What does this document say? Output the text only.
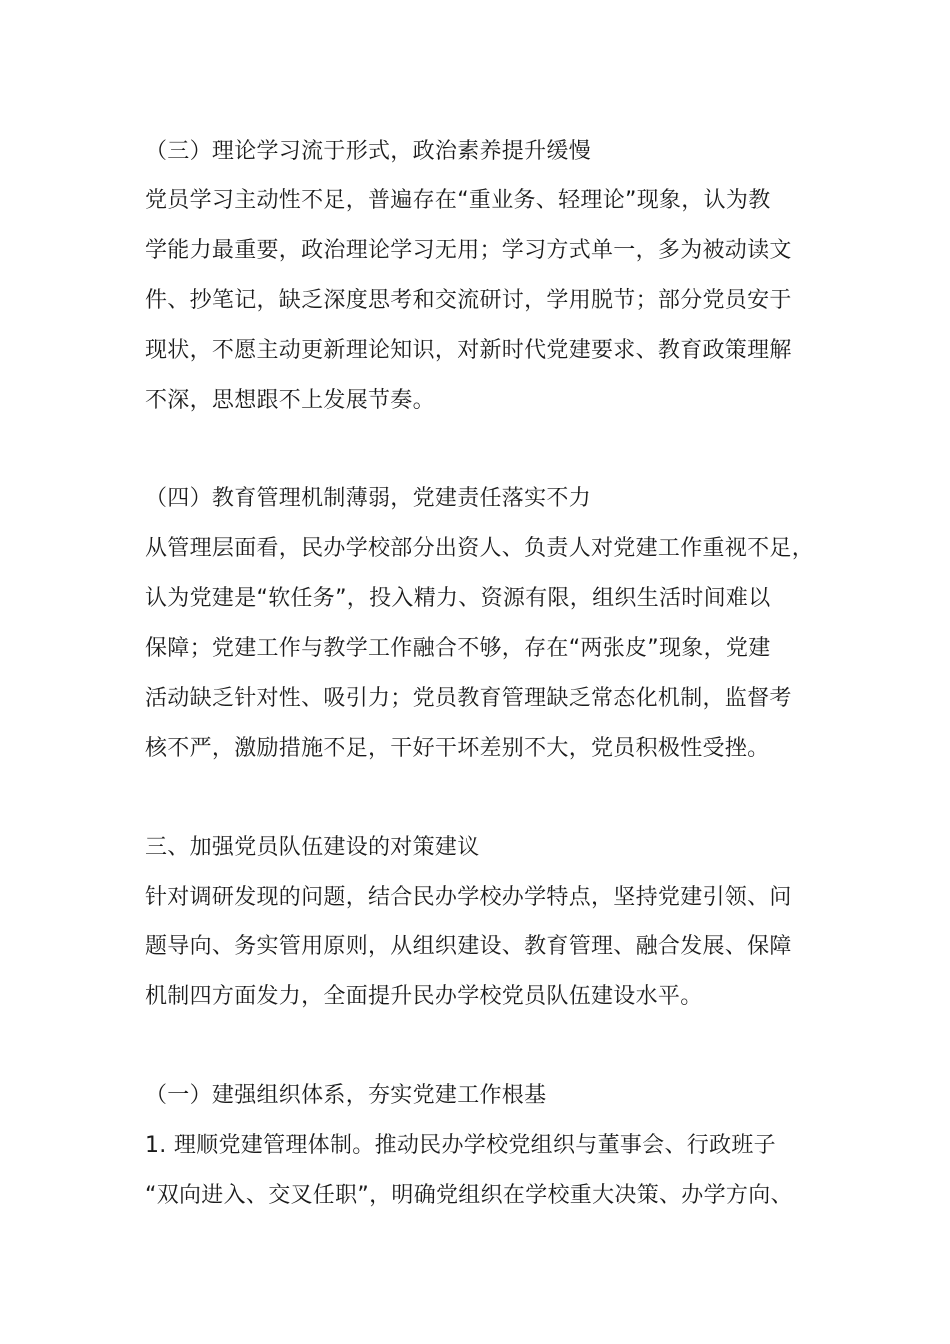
（三）理论学习流于形式，政治素养提升缓慢
党员学习主动性不足，普遍存在“重业务、轻理论”现象，认为教
学能力最重要，政治理论学习无用；学习方式单一，多为被动读文
件、抄笔记，缺乏深度思考和交流研讨，学用脱节；部分党员安于
现状，不愿主动更新理论知识，对新时代党建要求、教育政策理解
不深，思想跟不上发展节奏。
（四）教育管理机制薄弱，党建责任落实不力
从管理层面看，民办学校部分出资人、负责人对党建工作重视不足，
认为党建是“软任务”，投入精力、资源有限，组织生活时间难以
保障；党建工作与教学工作融合不够，存在“两张皮”现象，党建
活动缺乏针对性、吸引力；党员教育管理缺乏常态化机制，监督考
核不严，激励措施不足，干好干坏差别不大，党员积极性受挫。
三、加强党员队伍建设的对策建议
针对调研发现的问题，结合民办学校办学特点，坚持党建引领、问
题导向、务实管用原则，从组织建设、教育管理、融合发展、保障
机制四方面发力，全面提升民办学校党员队伍建设水平。
（一）建强组织体系，夯实党建工作根基
1. 理顺党建管理体制。推动民办学校党组织与董事会、行政班子
“双向进入、交叉任职”，明确党组织在学校重大决策、办学方向、
